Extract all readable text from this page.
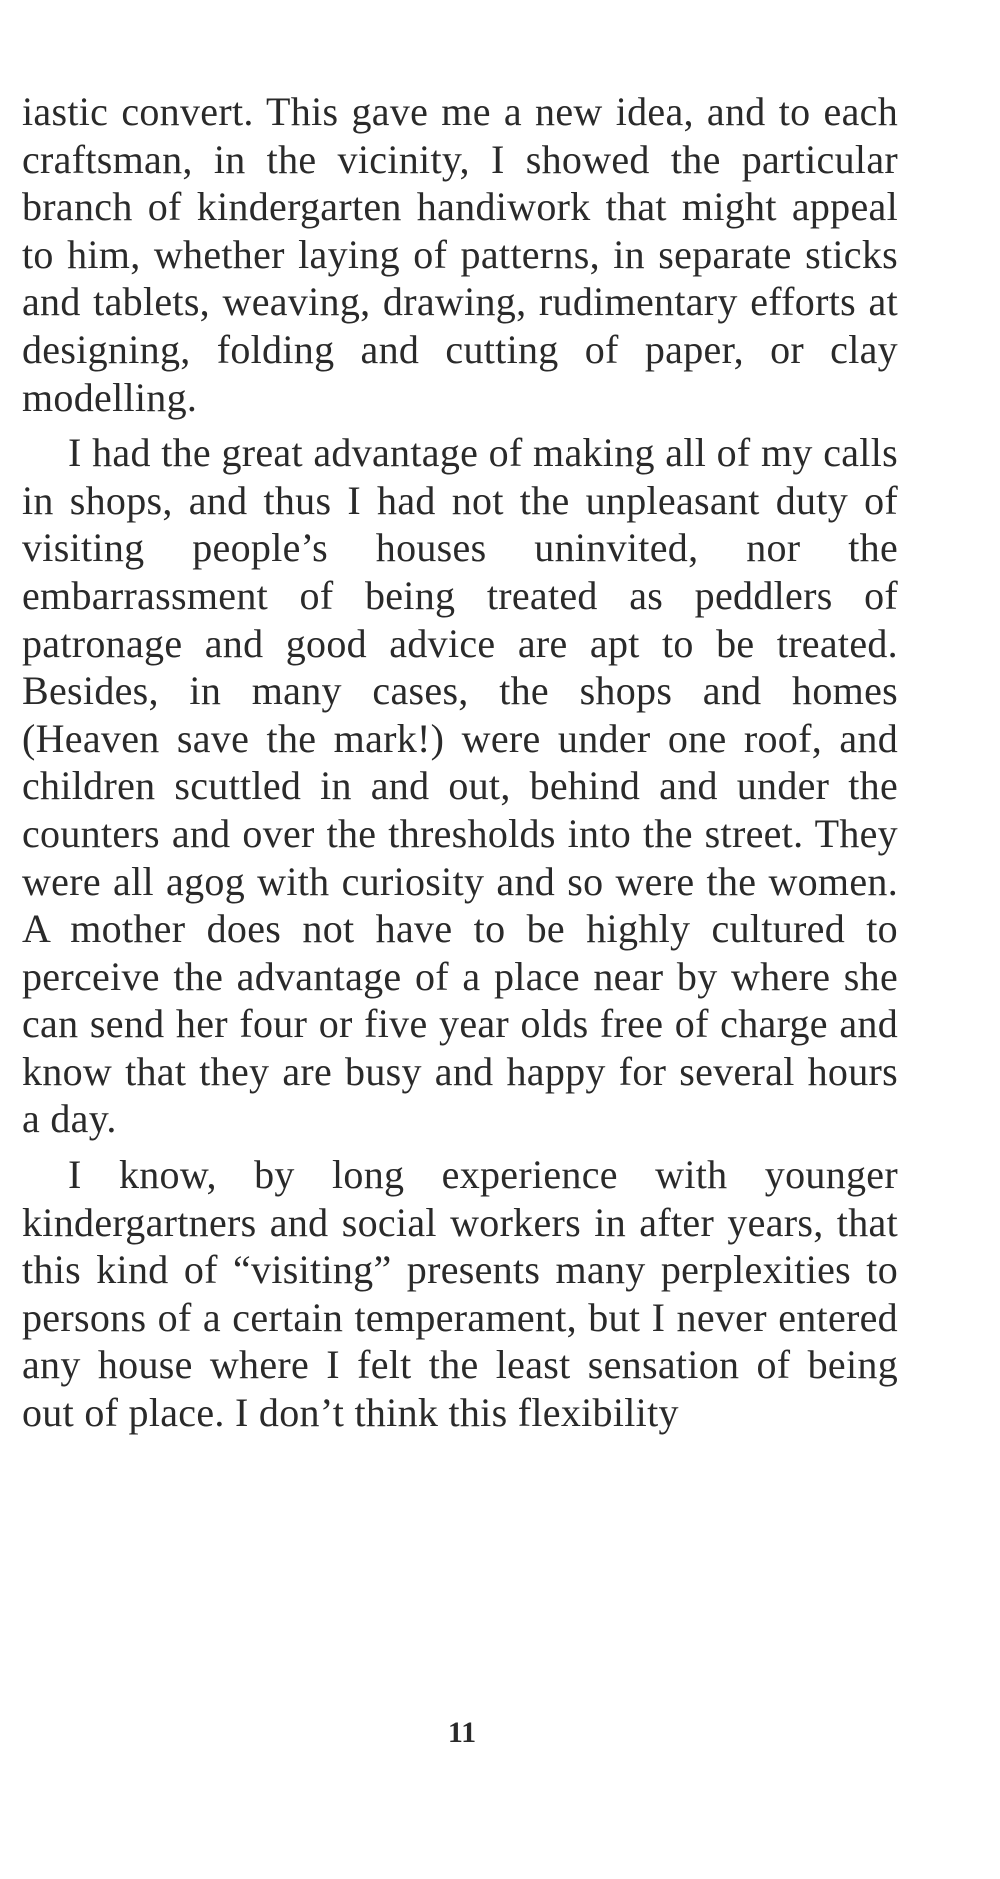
iastic convert. This gave me a new idea, and to each craftsman, in the vicinity, I showed the particular branch of kindergarten handiwork that might appeal to him, whether laying of patterns, in separate sticks and tablets, weaving, drawing, rudimentary efforts at designing, folding and cutting of paper, or clay modelling.

I had the great advantage of making all of my calls in shops, and thus I had not the unpleasant duty of visiting people’s houses uninvited, nor the embarrassment of being treated as peddlers of patronage and good advice are apt to be treated. Besides, in many cases, the shops and homes (Heaven save the mark!) were under one roof, and children scuttled in and out, behind and under the counters and over the thresholds into the street. They were all agog with curiosity and so were the women. A mother does not have to be highly cultured to perceive the advantage of a place near by where she can send her four or five year olds free of charge and know that they are busy and happy for several hours a day.

I know, by long experience with younger kindergartners and social workers in after years, that this kind of “visiting” presents many perplexities to persons of a certain temperament, but I never entered any house where I felt the least sensation of being out of place. I don’t think this flexibility

11
